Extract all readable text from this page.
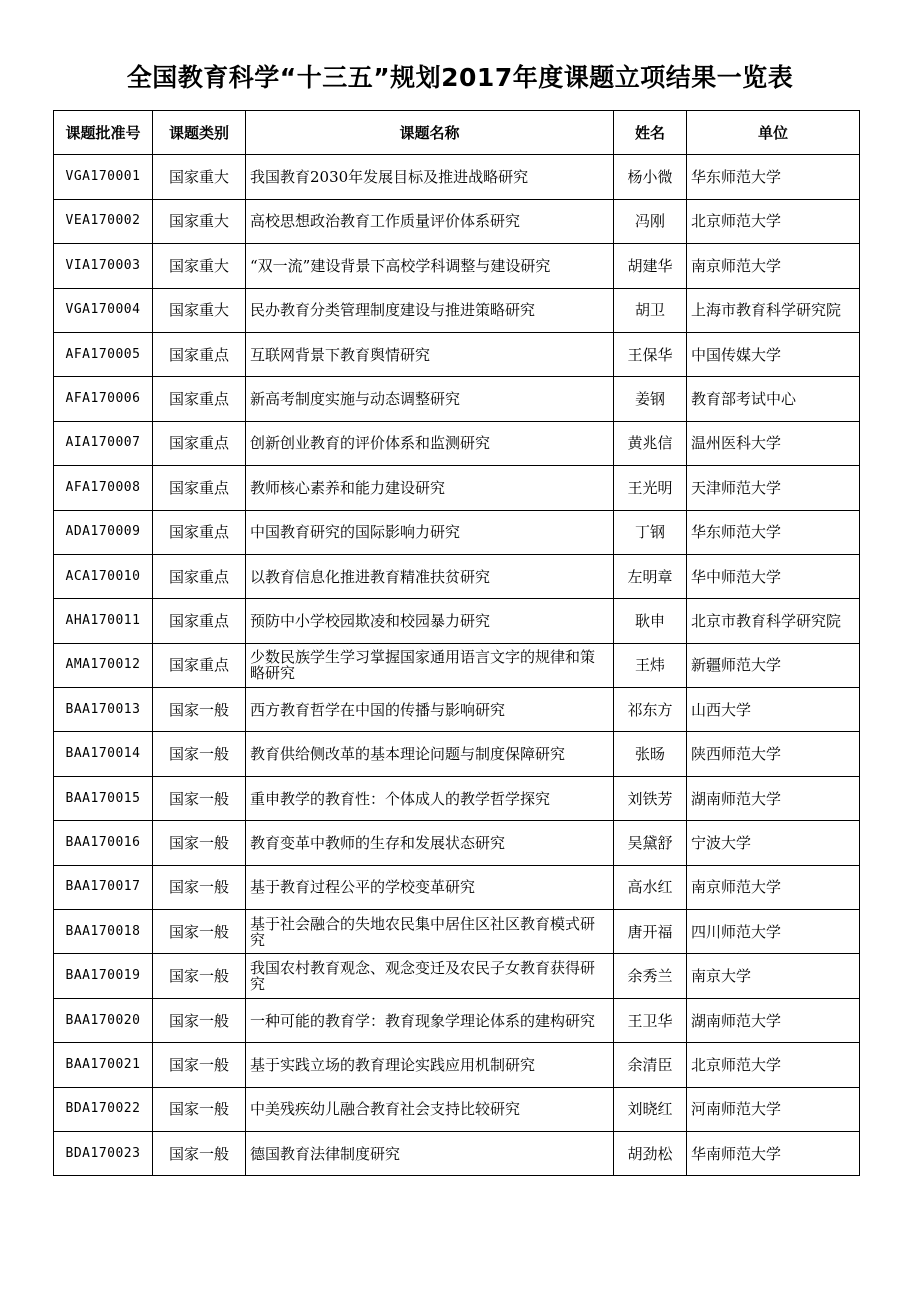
全国教育科学“十三五”规划2017年度课题立项结果一览表
课题批准号	课题类别	课题名称	姓名	单位
VGA170001	国家重大	我国教育2030年发展目标及推进战略研究	杨小微	华东师范大学
VEA170002	国家重大	高校思想政治教育工作质量评价体系研究	冯刚	北京师范大学
VIA170003	国家重大	“双一流”建设背景下高校学科调整与建设研究	胡建华	南京师范大学
VGA170004	国家重大	民办教育分类管理制度建设与推进策略研究	胡卫	上海市教育科学研究院
AFA170005	国家重点	互联网背景下教育舆情研究	王保华	中国传媒大学
AFA170006	国家重点	新高考制度实施与动态调整研究	姜钢	教育部考试中心
AIA170007	国家重点	创新创业教育的评价体系和监测研究	黄兆信	温州医科大学
AFA170008	国家重点	教师核心素养和能力建设研究	王光明	天津师范大学
ADA170009	国家重点	中国教育研究的国际影响力研究	丁钢	华东师范大学
ACA170010	国家重点	以教育信息化推进教育精准扶贫研究	左明章	华中师范大学
AHA170011	国家重点	预防中小学校园欺凌和校园暴力研究	耿申	北京市教育科学研究院
AMA170012	国家重点	少数民族学生学习掌握国家通用语言文字的规律和策略研究	王炜	新疆师范大学
BAA170013	国家一般	西方教育哲学在中国的传播与影响研究	祁东方	山西大学
BAA170014	国家一般	教育供给侧改革的基本理论问题与制度保障研究	张旸	陕西师范大学
BAA170015	国家一般	重申教学的教育性：个体成人的教学哲学探究	刘铁芳	湖南师范大学
BAA170016	国家一般	教育变革中教师的生存和发展状态研究	吴黛舒	宁波大学
BAA170017	国家一般	基于教育过程公平的学校变革研究	高水红	南京师范大学
BAA170018	国家一般	基于社会融合的失地农民集中居住区社区教育模式研究	唐开福	四川师范大学
BAA170019	国家一般	我国农村教育观念、观念变迁及农民子女教育获得研究	余秀兰	南京大学
BAA170020	国家一般	一种可能的教育学：教育现象学理论体系的建构研究	王卫华	湖南师范大学
BAA170021	国家一般	基于实践立场的教育理论实践应用机制研究	余清臣	北京师范大学
BDA170022	国家一般	中美残疾幼儿融合教育社会支持比较研究	刘晓红	河南师范大学
BDA170023	国家一般	德国教育法律制度研究	胡劲松	华南师范大学
